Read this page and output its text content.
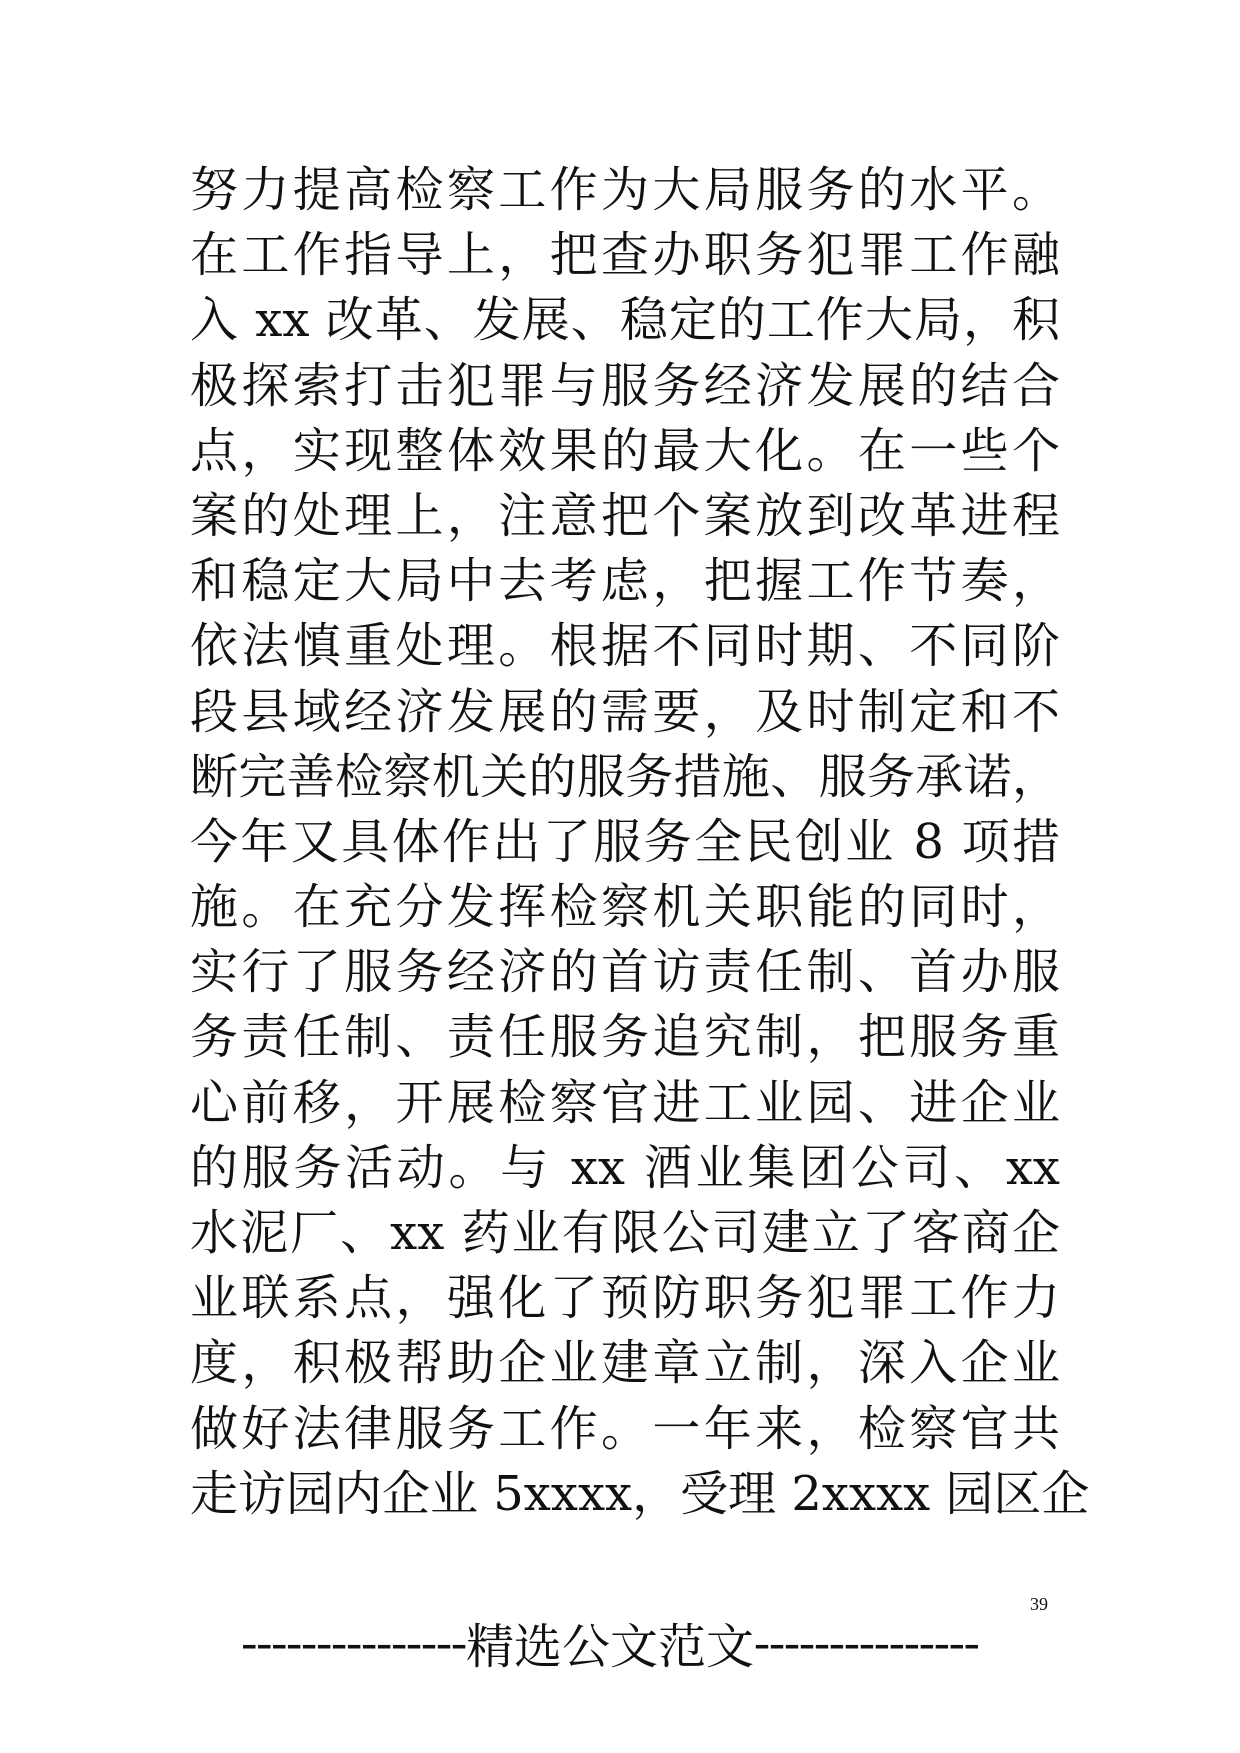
努力提高检察工作为大局服务的水平。
在工作指导上，把查办职务犯罪工作融
入 xx 改革、发展、稳定的工作大局，积
极探索打击犯罪与服务经济发展的结合
点，实现整体效果的最大化。在一些个
案的处理上，注意把个案放到改革进程
和稳定大局中去考虑，把握工作节奏，
依法慎重处理。根据不同时期、不同阶
段县域经济发展的需要，及时制定和不
断完善检察机关的服务措施、服务承诺，
今年又具体作出了服务全民创业 8 项措
施。在充分发挥检察机关职能的同时，
实行了服务经济的首访责任制、首办服
务责任制、责任服务追究制，把服务重
心前移，开展检察官进工业园、进企业
的服务活动。与 xx 酒业集团公司、xx
水泥厂、xx 药业有限公司建立了客商企
业联系点，强化了预防职务犯罪工作力
度，积极帮助企业建章立制，深入企业
做好法律服务工作。一年来，检察官共
走访园内企业 5xxxx，受理 2xxxx 园区企
--------------- 精选公文范文 ---------------
39
